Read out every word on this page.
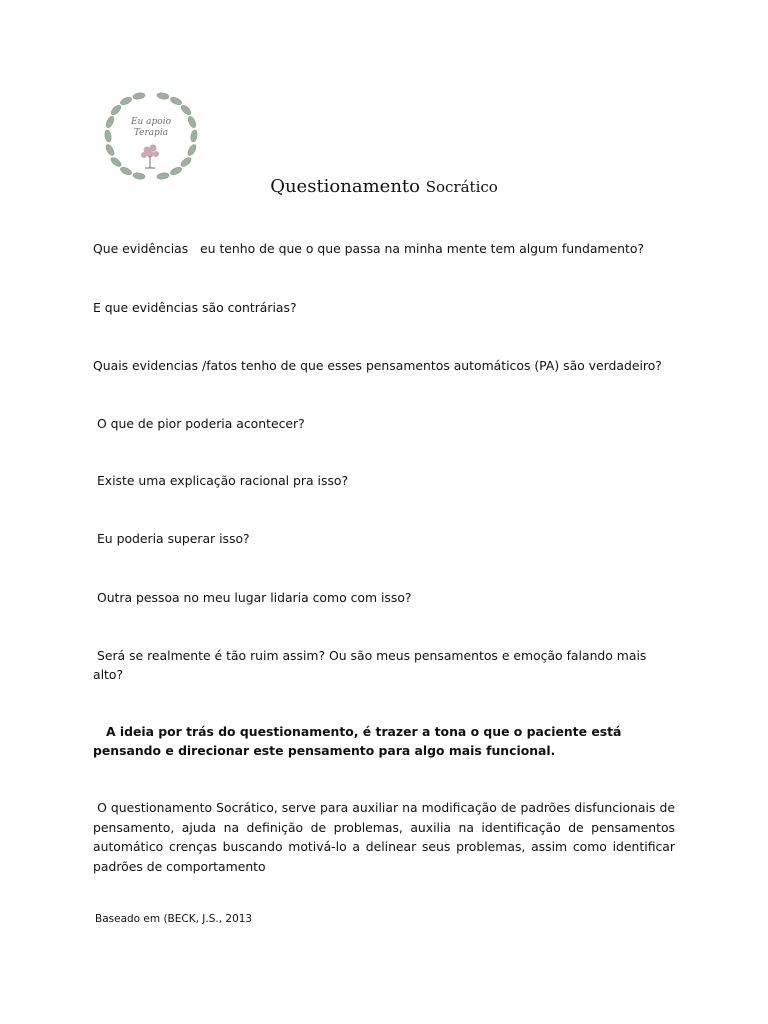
Eu apoio
Terapia
Questionamento Socrático
Que evidências   eu tenho de que o que passa na minha mente tem algum fundamento?
E que evidências são contrárias?
Quais evidencias /fatos tenho de que esses pensamentos automáticos (PA) são verdadeiro?
O que de pior poderia acontecer?
Existe uma explicação racional pra isso?
Eu poderia superar isso?
Outra pessoa no meu lugar lidaria como com isso?
Será se realmente é tão ruim assim? Ou são meus pensamentos e emoção falando mais alto?
A ideia por trás do questionamento, é trazer a tona o que o paciente está pensando e direcionar este pensamento para algo mais funcional.
O questionamento Socrático, serve para auxiliar na modificação de padrões disfuncionais de pensamento, ajuda na definição de problemas, auxilia na identificação de pensamentos automático crenças buscando motivá-lo a delinear seus problemas, assim como identificar padrões de comportamento
Baseado em (BECK, J.S., 2013
